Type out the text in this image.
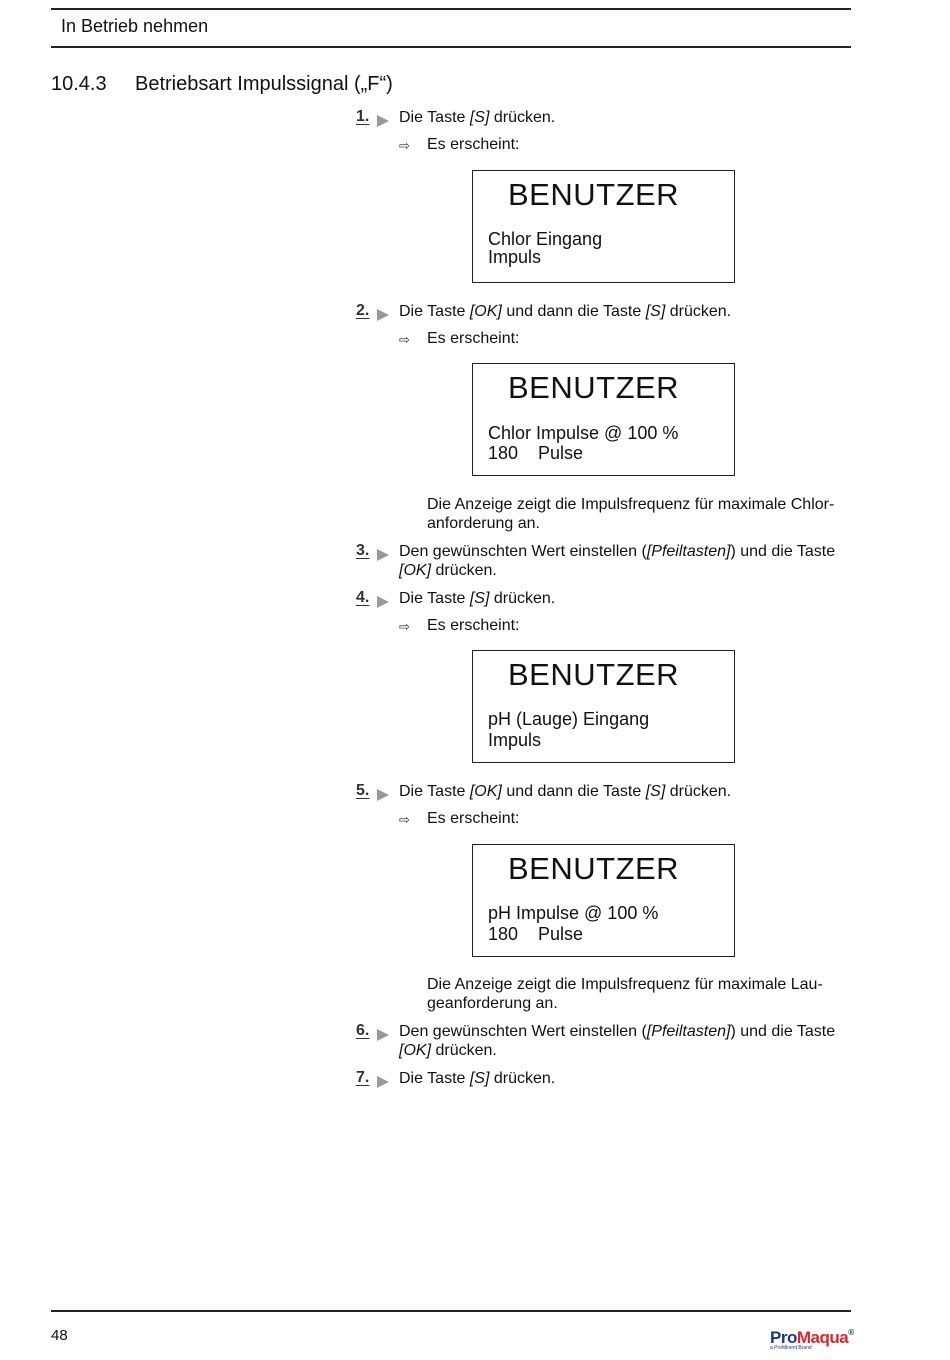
In Betrieb nehmen
10.4.3 Betriebsart Impulssignal („F“)
1. Die Taste [S] drücken.
⇨ Es erscheint:
BENUTZER
Chlor Eingang
Impuls
2. Die Taste [OK] und dann die Taste [S] drücken.
⇨ Es erscheint:
BENUTZER
Chlor Impulse @ 100 %
180    Pulse
Die Anzeige zeigt die Impulsfrequenz für maximale Chloranforderung an.
3. Den gewünschten Wert einstellen ([Pfeiltasten]) und die Taste [OK] drücken.
4. Die Taste [S] drücken.
⇨ Es erscheint:
BENUTZER
pH (Lauge) Eingang
Impuls
5. Die Taste [OK] und dann die Taste [S] drücken.
⇨ Es erscheint:
BENUTZER
pH Impulse @ 100 %
180    Pulse
Die Anzeige zeigt die Impulsfrequenz für maximale Laugeanforderung an.
6. Den gewünschten Wert einstellen ([Pfeiltasten]) und die Taste [OK] drücken.
7. Die Taste [S] drücken.
48	ProMaqua®
a ProMinent Brand
